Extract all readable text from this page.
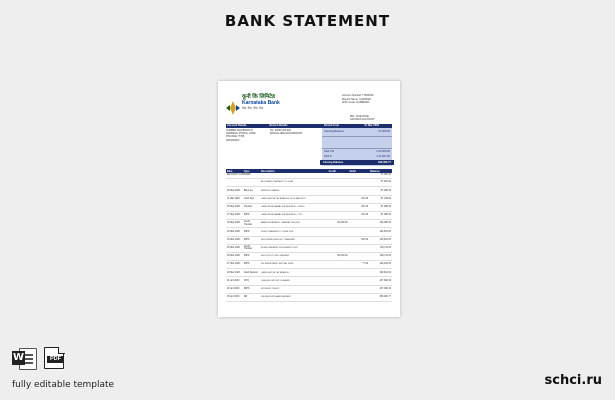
BANK STATEMENT
कूनी कि लिमिटेड
Karnataka Bank
बैंक, बैंक, बैंक, बैंक
Account Number 77000000
Branch Name: CHENNAI
IFSC Code: KARB0000
MR. JOHN DOE
SAVINGS ACCOUNT
Account Details	Branch Details	Period From	01 Mar 2020
NUMBER AND BRANCH
ADDRESS, POSTAL CODE
PINCODE 77788
0000000000
NO. 00000 000 000
BANGALORE MAIN BRANCH
Opening Balance	57,000.00
Paid Out	1,00,000.00
Paid In	2,11,007.00
Closing Balance	308,396.77
Date	Type	Description	Credit	Debit	Balance
BROUGHT FORWARD					57,000.00
		AUTOMATIC PAYMENT TO JOHN			57,018.00
03 Mar 2020	Bank fee	SERVICE CHARGE			57,038.00
11 Mar 2020	Cash Dep	CASH DEPOSIT AT BRANCH ON 11 MAR 2020		100.00	57,138.00
15 Mar 2020	Transfer	CASH WITHDRAWAL FROM ATM NO. 123456		150.00	57,288.00
17 Mar 2020	IMPS	CASH WITHDRAWAL FROM ATM NO. 7772		100.00	57,388.00
18 Mar 2020	Credit Transfer	AMAZON PAYMENT TRANSACTION 300	82,000.00		139,388.00
20 Mar 2020	IMPS	FUND TRANSFER TO JOHN DOE			139,519.00
23 Mar 2020	IMPS	RECURRING DEPOSIT TRANSFER		100.00	139,618.00
26 Mar 2020	Credit Transfer	BONUS PAYMENT FROM EMPLOYER			139,711.00
28 Mar 2020	IMPS	ELECTRICITY BILL PAYMENT	60,000.00		199,711.00
27 Mar 2020	IMPS	SIP INVESTMENT MUTUAL FUND		77.00	199,634.00
29 Mar 2020	Cash Deposit	CASH DEPOSIT AT BRANCH			199,634.00
01 Apr 2020	CHQ	CHEQUE DEPOSIT CLEARED			237,900.00
02 Apr 2020	IMPS	INTEREST CREDIT			237,900.00
03 Apr 2020	DD	ONLINE PURCHASE PAYMENT			308,396.77
W	PDF
fully editable template	schci.ru
